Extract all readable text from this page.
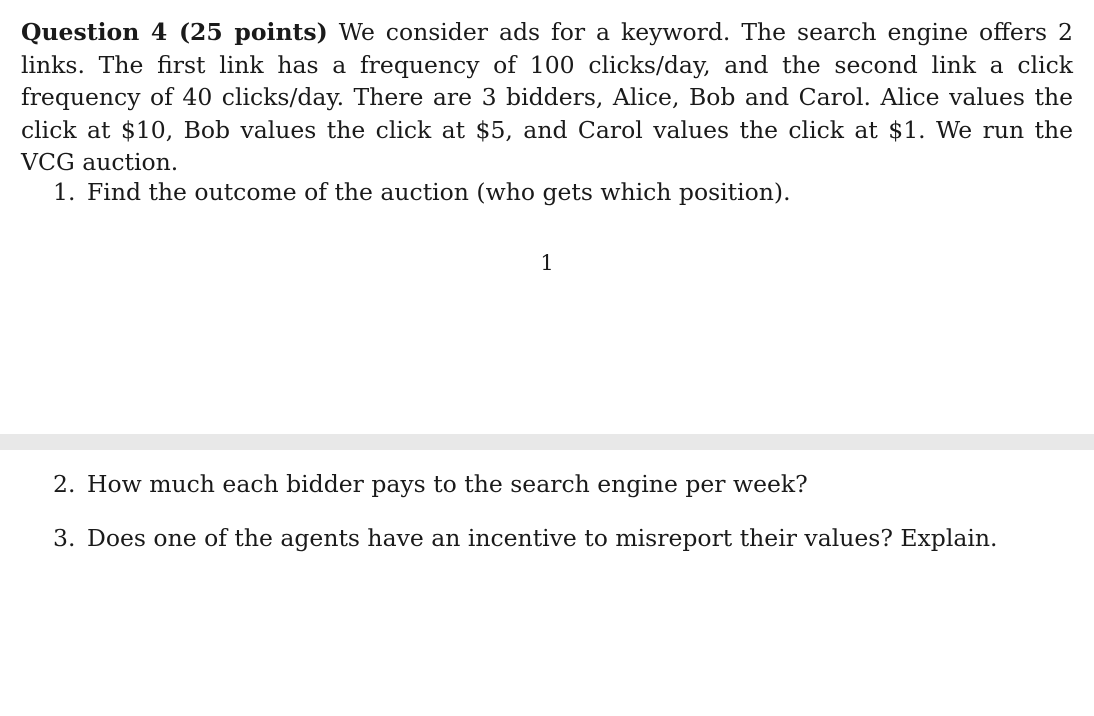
Question 4 (25 points) We consider ads for a keyword. The search engine offers 2 links. The first link has a frequency of 100 clicks/day, and the second link a click frequency of 40 clicks/day. There are 3 bidders, Alice, Bob and Carol. Alice values the click at $10, Bob values the click at $5, and Carol values the click at $1. We run the VCG auction.

1. Find the outcome of the auction (who gets which position).

1

2. How much each bidder pays to the search engine per week?

3. Does one of the agents have an incentive to misreport their values? Explain.
